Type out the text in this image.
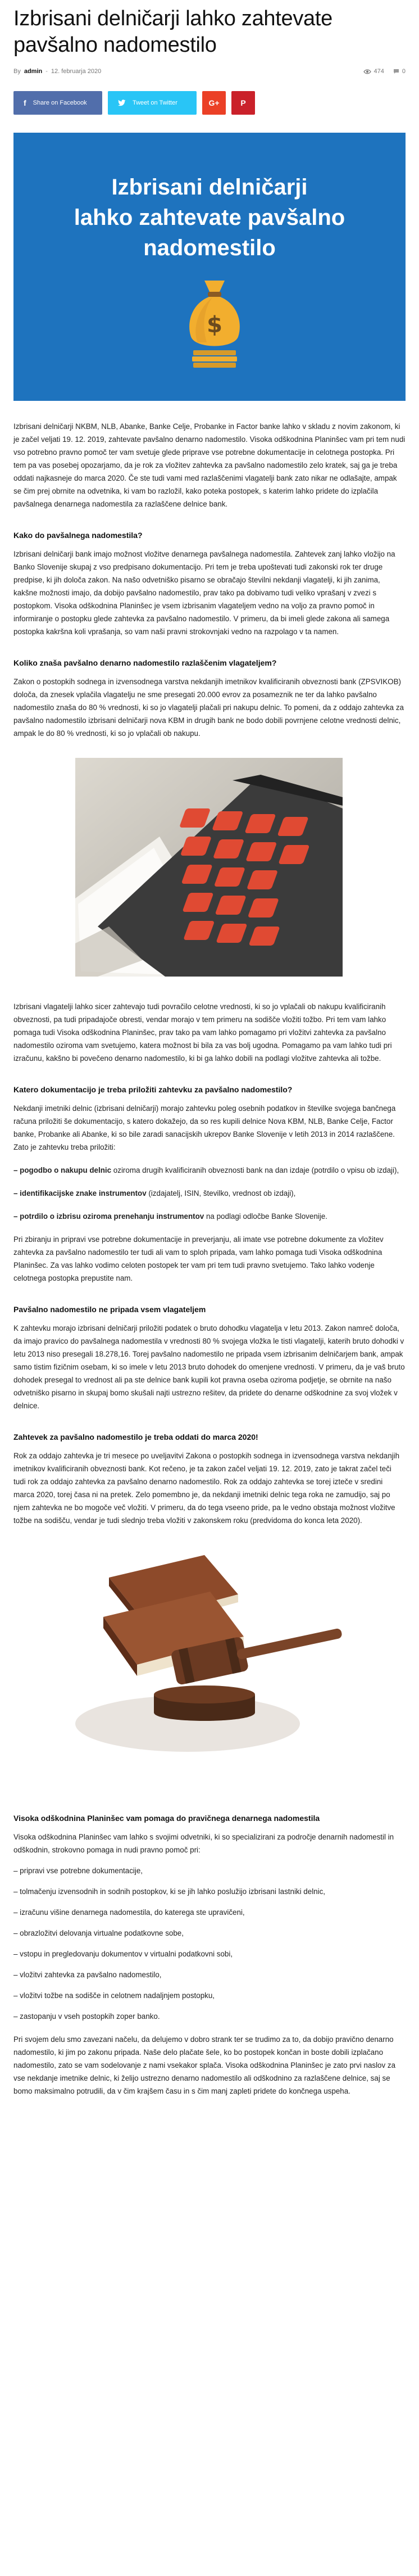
Izbrisani delničarji lahko zahtevate pavšalno nadomestilo
By admin - 12. februarja 2020	474	0
f Share on Facebook	Tweet on Twitter	G+	P
Izbrisani delničarji
lahko zahtevate pavšalno
nadomestilo
$

Izbrisani delničarji NKBM, NLB, Abanke, Banke Celje, Probanke in Factor banke lahko v skladu z novim zakonom, ki je začel veljati 19. 12. 2019, zahtevate pavšalno denarno nadomestilo. Visoka odškodnina Planinšec vam pri tem nudi vso potrebno pravno pomoč ter vam svetuje glede priprave vse potrebne dokumentacije in celotnega postopka. Pri tem pa vas posebej opozarjamo, da je rok za vložitev zahtevka za pavšalno nadomestilo zelo kratek, saj ga je treba oddati najkasneje do marca 2020. Če ste tudi vami med razlaščenimi vlagatelji bank zato nikar ne odlašajte, ampak se čim prej obrnite na odvetnika, ki vam bo razložil, kako poteka postopek, s katerim lahko pridete do izplačila pavšalnega denarnega nadomestila za razlaščene delnice bank.

Kako do pavšalnega nadomestila?

Izbrisani delničarji bank imajo možnost vložitve denarnega pavšalnega nadomestila. Zahtevek zanj lahko vložijo na Banko Slovenije skupaj z vso predpisano dokumentacijo. Pri tem je treba upoštevati tudi zakonski rok ter druge predpise, ki jih določa zakon. Na našo odvetniško pisarno se obračajo številni nekdanji vlagatelji, ki jih zanima, kakšne možnosti imajo, da dobijo pavšalno nadomestilo, prav tako pa dobivamo tudi veliko vprašanj v zvezi s postopkom. Visoka odškodnina Planinšec je vsem izbrisanim vlagateljem vedno na voljo za pravno pomoč in informiranje o postopku glede zahtevka za pavšalno nadomestilo. V primeru, da bi imeli glede zakona ali samega postopka kakršna koli vprašanja, so vam naši pravni strokovnjaki vedno na razpolago v ta namen.

Koliko znaša pavšalno denarno nadomestilo razlaščenim vlagateljem?

Zakon o postopkih sodnega in izvensodnega varstva nekdanjih imetnikov kvalificiranih obveznosti bank (ZPSVIKOB) določa, da znesek vplačila vlagatelju ne sme presegati 20.000 evrov za posameznik ne ter da lahko pavšalno nadomestilo znaša do 80 % vrednosti, ki so jo vlagatelji plačali pri nakupu delnic. To pomeni, da z oddajo zahtevka za pavšalno nadomestilo izbrisani delničarji nova KBM in drugih bank ne bodo dobili povrnjene celotne vrednosti delnic, ampak le do 80 % vrednosti, ki so jo vplačali ob nakupu.

Izbrisani vlagatelji lahko sicer zahtevajo tudi povračilo celotne vrednosti, ki so jo vplačali ob nakupu kvalificiranih obveznosti, pa tudi pripadajoče obresti, vendar morajo v tem primeru na sodišče vložiti tožbo. Pri tem vam lahko pomaga tudi Visoka odškodnina Planinšec, prav tako pa vam lahko pomagamo pri vložitvi zahtevka za pavšalno nadomestilo oziroma vam svetujemo, katera možnost bi bila za vas bolj ugodna. Pomagamo pa vam lahko tudi pri izračunu, kakšno bi povečeno denarno nadomestilo, ki bi ga lahko dobili na podlagi vložitve zahtevka ali tožbe.

Katero dokumentacijo je treba priložiti zahtevku za pavšalno nadomestilo?

Nekdanji imetniki delnic (izbrisani delničarji) morajo zahtevku poleg osebnih podatkov in številke svojega bančnega računa priložiti še dokumentacijo, s katero dokažejo, da so res kupili delnice Nova KBM, NLB, Banke Celje, Factor banke, Probanke ali Abanke, ki so bile zaradi sanacijskih ukrepov Banke Slovenije v letih 2013 in 2014 razlaščene. Zato je zahtevku treba priložiti:

– pogodbo o nakupu delnic oziroma drugih kvalificiranih obveznosti bank na dan izdaje (potrdilo o vpisu ob izdaji),

– identifikacijske znake instrumentov (izdajatelj, ISIN, številko, vrednost ob izdaji),

– potrdilo o izbrisu oziroma prenehanju instrumentov na podlagi odločbe Banke Slovenije.

Pri zbiranju in pripravi vse potrebne dokumentacije in preverjanju, ali imate vse potrebne dokumente za vložitev zahtevka za pavšalno nadomestilo ter tudi ali vam to sploh pripada, vam lahko pomaga tudi Visoka odškodnina Planinšec. Za vas lahko vodimo celoten postopek ter vam pri tem tudi pravno svetujemo. Tako lahko vodenje celotnega postopka prepustite nam.

Pavšalno nadomestilo ne pripada vsem vlagateljem

K zahtevku morajo izbrisani delničarji priložiti podatek o bruto dohodku vlagatelja v letu 2013. Zakon namreč določa, da imajo pravico do pavšalnega nadomestila v vrednosti 80 % svojega vložka le tisti vlagatelji, katerih bruto dohodki v letu 2013 niso presegali 18.278,16. Torej pavšalno nadomestilo ne pripada vsem izbrisanim delničarjem bank, ampak samo tistim fizičnim osebam, ki so imele v letu 2013 bruto dohodek do omenjene vrednosti. V primeru, da je vaš bruto dohodek presegal to vrednost ali pa ste delnice bank kupili kot pravna oseba oziroma podjetje, se obrnite na našo odvetniško pisarno in skupaj bomo skušali najti ustrezno rešitev, da pridete do denarne odškodnine za svoj vložek v delnice.

Zahtevek za pavšalno nadomestilo je treba oddati do marca 2020!

Rok za oddajo zahtevka je tri mesece po uveljavitvi Zakona o postopkih sodnega in izvensodnega varstva nekdanjih imetnikov kvalificiranih obveznosti bank. Kot rečeno, je ta zakon začel veljati 19. 12. 2019, zato je takrat začel teči tudi rok za oddajo zahtevka za pavšalno denarno nadomestilo. Rok za oddajo zahtevka se torej izteče v sredini marca 2020, torej časa ni na pretek. Zelo pomembno je, da nekdanji imetniki delnic tega roka ne zamudijo, saj po njem zahtevka ne bo mogoče več vložiti. V primeru, da do tega vseeno pride, pa le vedno obstaja možnost vložitve tožbe na sodišču, vendar je tudi slednjo treba vložiti v zakonskem roku (predvidoma do konca leta 2020).

Visoka odškodnina Planinšec vam pomaga do pravičnega denarnega nadomestila

Visoka odškodnina Planinšec vam lahko s svojimi odvetniki, ki so specializirani za področje denarnih nadomestil in odškodnin, strokovno pomaga in nudi pravno pomoč pri:

– pripravi vse potrebne dokumentacije,

– tolmačenju izvensodnih in sodnih postopkov, ki se jih lahko poslužijo izbrisani lastniki delnic,

– izračunu višine denarnega nadomestila, do katerega ste upravičeni,

– obrazložitvi delovanja virtualne podatkovne sobe,

– vstopu in pregledovanju dokumentov v virtualni podatkovni sobi,

– vložitvi zahtevka za pavšalno nadomestilo,

– vložitvi tožbe na sodišče in celotnem nadaljnjem postopku,

– zastopanju v vseh postopkih zoper banko.

Pri svojem delu smo zavezani načelu, da delujemo v dobro strank ter se trudimo za to, da dobijo pravično denarno nadomestilo, ki jim po zakonu pripada. Naše delo plačate šele, ko bo postopek končan in boste dobili izplačano nadomestilo, zato se vam sodelovanje z nami vsekakor splača. Visoka odškodnina Planinšec je zato prvi naslov za vse nekdanje imetnike delnic, ki želijo ustrezno denarno nadomestilo ali odškodnino za razlaščene delnice, saj se bomo maksimalno potrudili, da v čim krajšem času in s čim manj zapleti pridete do končnega uspeha.
